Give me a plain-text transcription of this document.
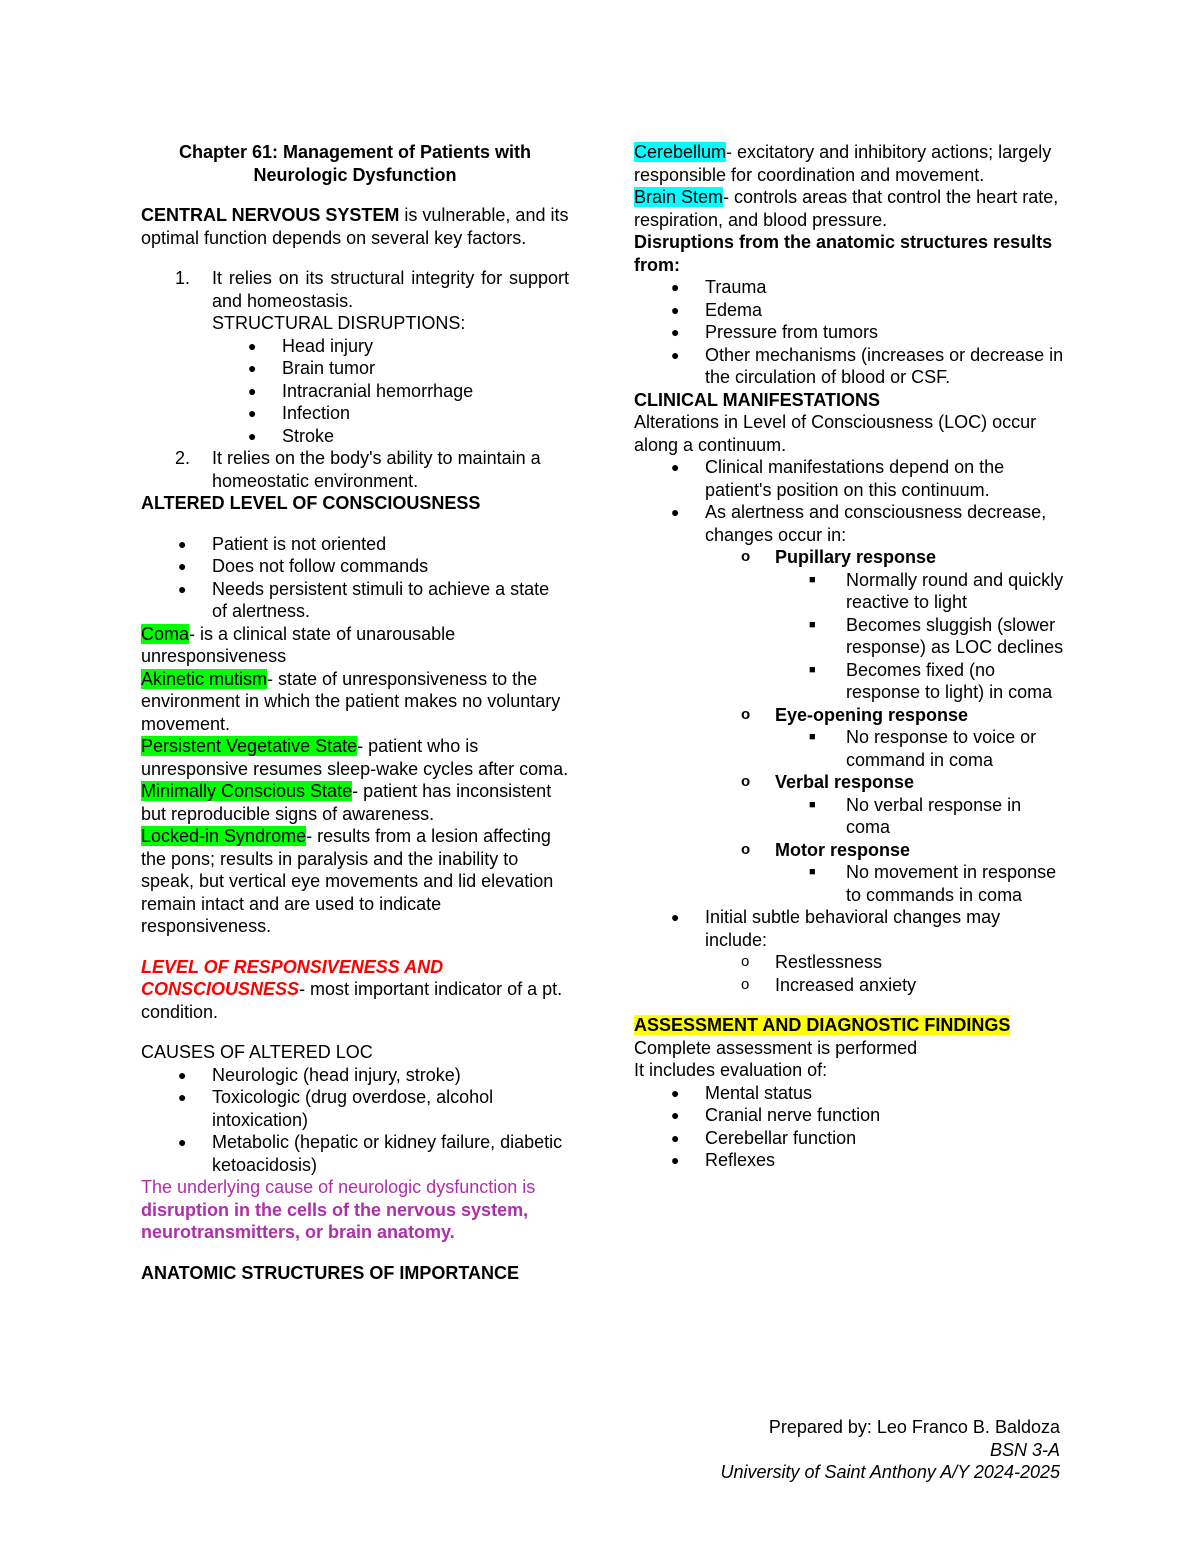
Chapter 61: Management of Patients with
Neurologic Dysfunction

CENTRAL NERVOUS SYSTEM is vulnerable, and its optimal function depends on several key factors.

1. It relies on its structural integrity for support and homeostasis.
STRUCTURAL DISRUPTIONS:
● Head injury
● Brain tumor
● Intracranial hemorrhage
● Infection
● Stroke
2. It relies on the body's ability to maintain a homeostatic environment.

ALTERED LEVEL OF CONSCIOUSNESS

● Patient is not oriented
● Does not follow commands
● Needs persistent stimuli to achieve a state of alertness.

Coma- is a clinical state of unarousable unresponsiveness

Akinetic mutism- state of unresponsiveness to the environment in which the patient makes no voluntary movement.

Persistent Vegetative State- patient who is unresponsive resumes sleep-wake cycles after coma.

Minimally Conscious State- patient has inconsistent but reproducible signs of awareness.

Locked-in Syndrome- results from a lesion affecting the pons; results in paralysis and the inability to speak, but vertical eye movements and lid elevation remain intact and are used to indicate responsiveness.

LEVEL OF RESPONSIVENESS AND CONSCIOUSNESS- most important indicator of a pt. condition.

CAUSES OF ALTERED LOC

● Neurologic (head injury, stroke)
● Toxicologic (drug overdose, alcohol intoxication)
● Metabolic (hepatic or kidney failure, diabetic ketoacidosis)

The underlying cause of neurologic dysfunction is disruption in the cells of the nervous system, neurotransmitters, or brain anatomy.

ANATOMIC STRUCTURES OF IMPORTANCE

Cerebellum- excitatory and inhibitory actions; largely responsible for coordination and movement.

Brain Stem- controls areas that control the heart rate, respiration, and blood pressure.

Disruptions from the anatomic structures results from:

● Trauma
● Edema
● Pressure from tumors
● Other mechanisms (increases or decrease in the circulation of blood or CSF.

CLINICAL MANIFESTATIONS

Alterations in Level of Consciousness (LOC) occur along a continuum.

● Clinical manifestations depend on the patient's position on this continuum.
● As alertness and consciousness decrease, changes occur in:
o Pupillary response
■ Normally round and quickly reactive to light
■ Becomes sluggish (slower response) as LOC declines
■ Becomes fixed (no response to light) in coma
o Eye-opening response
■ No response to voice or command in coma
o Verbal response
■ No verbal response in coma
o Motor response
■ No movement in response to commands in coma
● Initial subtle behavioral changes may include:
o Restlessness
o Increased anxiety

ASSESSMENT AND DIAGNOSTIC FINDINGS

Complete assessment is performed

It includes evaluation of:

● Mental status
● Cranial nerve function
● Cerebellar function
● Reflexes

Prepared by: Leo Franco B. Baldoza

BSN 3-A

University of Saint Anthony A/Y 2024-2025
